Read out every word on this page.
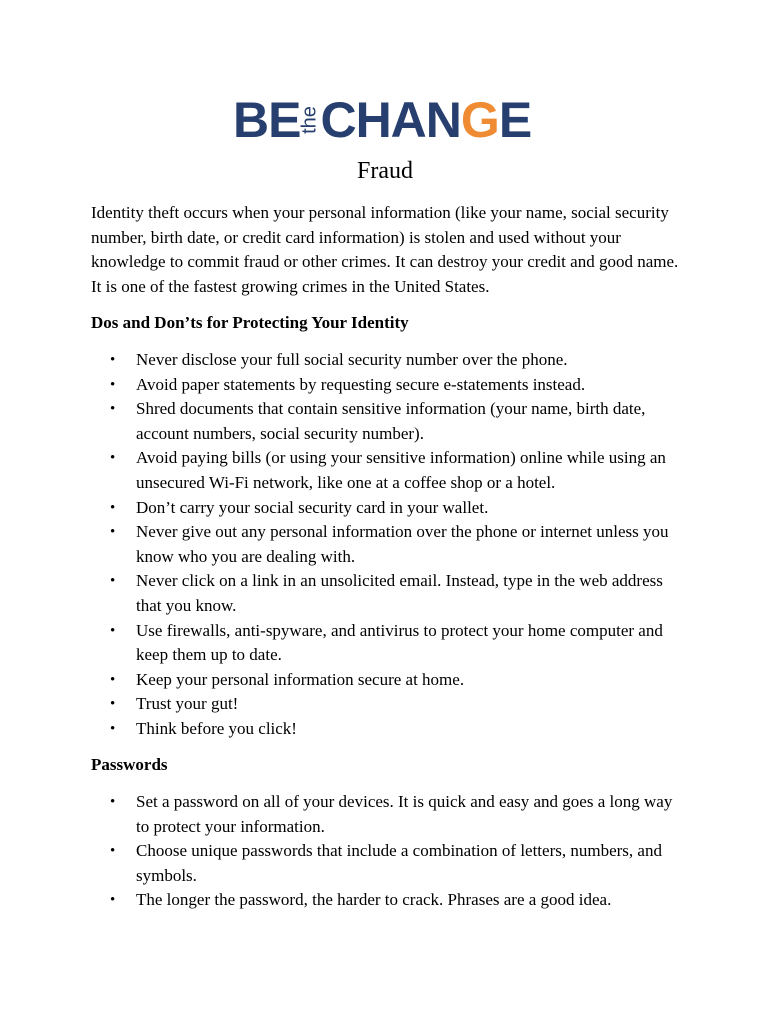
BE
the CHAN G E
Fraud

Identity theft occurs when your personal information (like your name, social security number, birth date, or credit card information) is stolen and used without your knowledge to commit fraud or other crimes. It can destroy your credit and good name. It is one of the fastest growing crimes in the United States.

Dos and Don’ts for Protecting Your Identity
• Never disclose your full social security number over the phone.
• Avoid paper statements by requesting secure e-statements instead.
• Shred documents that contain sensitive information (your name, birth date, account numbers, social security number).
• Avoid paying bills (or using your sensitive information) online while using an unsecured Wi-Fi network, like one at a coffee shop or a hotel.
• Don’t carry your social security card in your wallet.
• Never give out any personal information over the phone or internet unless you know who you are dealing with.
• Never click on a link in an unsolicited email. Instead, type in the web address that you know.
• Use firewalls, anti-spyware, and antivirus to protect your home computer and keep them up to date.
• Keep your personal information secure at home.
• Trust your gut!
• Think before you click!
Passwords
• Set a password on all of your devices. It is quick and easy and goes a long way to protect your information.
• Choose unique passwords that include a combination of letters, numbers, and symbols.
• The longer the password, the harder to crack. Phrases are a good idea.
